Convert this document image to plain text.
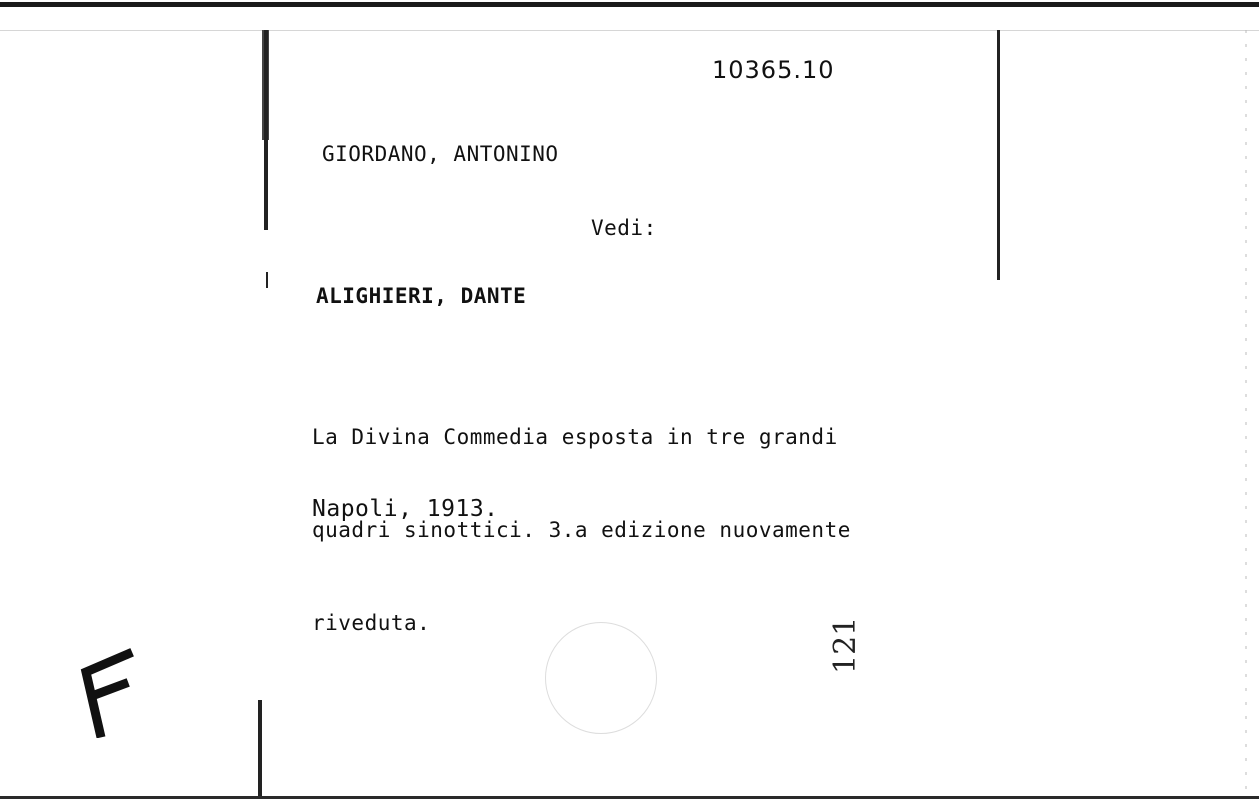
10365.10
GIORDANO, ANTONINO
Vedi:
ALIGHIERI, DANTE

La Divina Commedia esposta in tre grandi

quadri sinottici. 3.a edizione nuovamente

riveduta.

Napoli, 1913.
121
